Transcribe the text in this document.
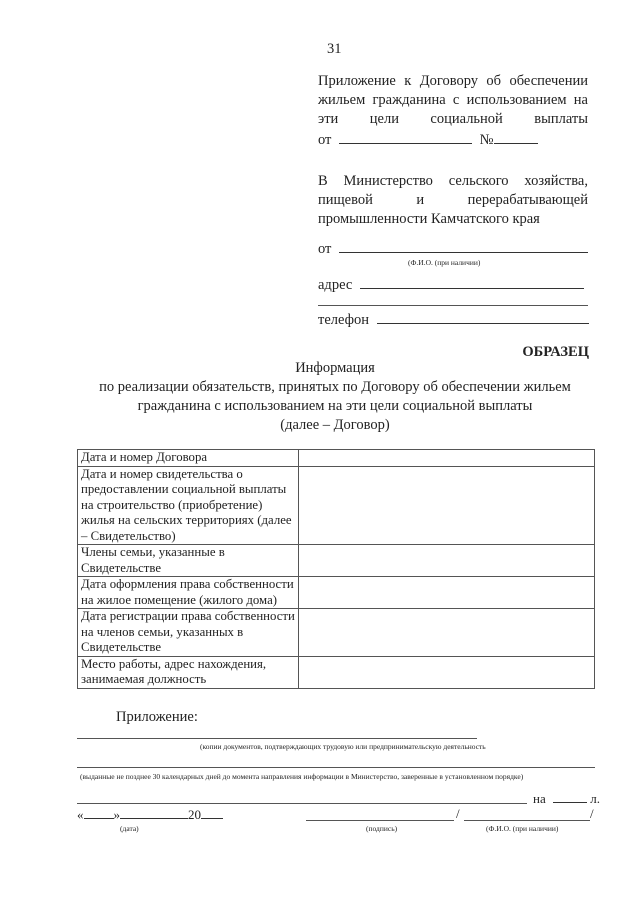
31
Приложение к Договору об обеспечении
жильем гражданина с использованием на
эти цели социальной выплаты
от	№
В Министерство сельского хозяйства,
пищевой и перерабатывающей
промышленности Камчатского края
от
(Ф.И.О. (при наличии)
адрес
телефон
ОБРАЗЕЦ
Информация
по реализации обязательств, принятых по Договору об обеспечении жильем
гражданина с использованием на эти цели социальной выплаты
(далее – Договор)
Дата и номер Договора	
Дата и номер свидетельства о предоставлении социальной выплаты на строительство (приобретение) жилья на сельских территориях (далее – Свидетельство)	
Члены семьи, указанные в Свидетельстве	
Дата оформления права собственности на жилое помещение (жилого дома)	
Дата регистрации права собственности на членов семьи, указанных в Свидетельстве	
Место работы, адрес нахождения, занимаемая должность	
Приложение:
(копии документов, подтверждающих трудовую или предпринимательскую деятельность
(выданные не позднее 30 календарных дней до момента направления информации в Министерство, заверенные в установленном порядке)
на	л.
« »	20	/	/
(дата)	(подпись)	(Ф.И.О. (при наличии)
